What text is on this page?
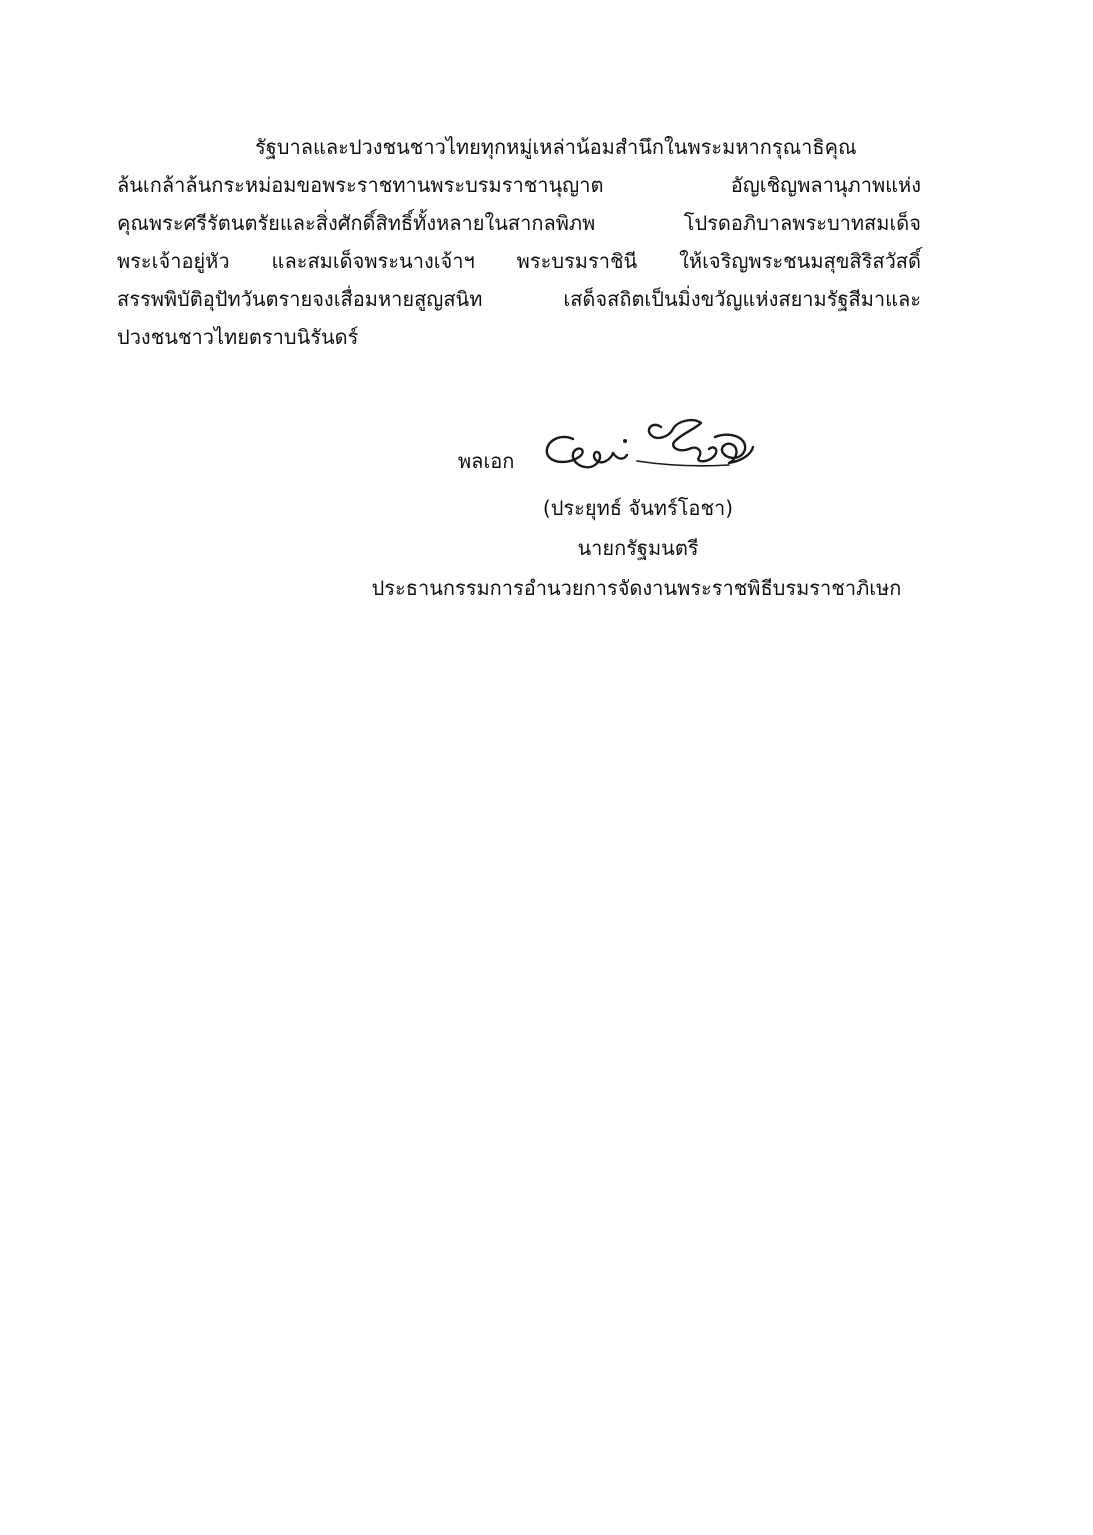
รัฐบาลและปวงชนชาวไทยทุกหมู่เหล่าน้อมสำนึกในพระมหากรุณาธิคุณ
ล้นเกล้าล้นกระหม่อมขอพระราชทานพระบรมราชานุญาต อัญเชิญพลานุภาพแห่ง
คุณพระศรีรัตนตรัยและสิ่งศักดิ์สิทธิ์ทั้งหลายในสากลพิภพ โปรดอภิบาลพระบาทสมเด็จ
พระเจ้าอยู่หัว และสมเด็จพระนางเจ้าฯ พระบรมราชินี ให้เจริญพระชนมสุขสิริสวัสดิ์
สรรพพิบัติอุปัทวันตรายจงเสื่อมหายสูญสนิท เสด็จสถิตเป็นมิ่งขวัญแห่งสยามรัฐสีมาและ
ปวงชนชาวไทยตราบนิรันดร์
พลเอก
(ประยุทธ์ จันทร์โอชา)
นายกรัฐมนตรี
ประธานกรรมการอำนวยการจัดงานพระราชพิธีบรมราชาภิเษก
